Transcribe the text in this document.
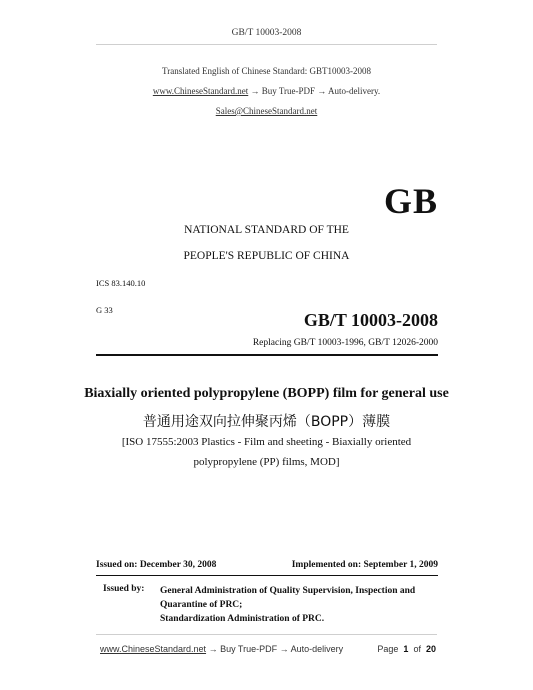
GB/T 10003-2008
Translated English of Chinese Standard: GBT10003-2008
www.ChineseStandard.net → Buy True-PDF → Auto-delivery.
Sales@ChineseStandard.net
GB
NATIONAL STANDARD OF THE
PEOPLE'S REPUBLIC OF CHINA
ICS 83.140.10
G 33	GB/T 10003-2008
Replacing GB/T 10003-1996, GB/T 12026-2000
Biaxially oriented polypropylene (BOPP) film for general use
普通用途双向拉伸聚丙烯（BOPP）薄膜
[ISO 17555:2003 Plastics - Film and sheeting - Biaxially oriented
polypropylene (PP) films, MOD]
Issued on: December 30, 2008	Implemented on: September 1, 2009
Issued by: General Administration of Quality Supervision, Inspection and
Quarantine of PRC;
Standardization Administration of PRC.
www.ChineseStandard.net → Buy True-PDF → Auto-delivery	Page 1 of 20
